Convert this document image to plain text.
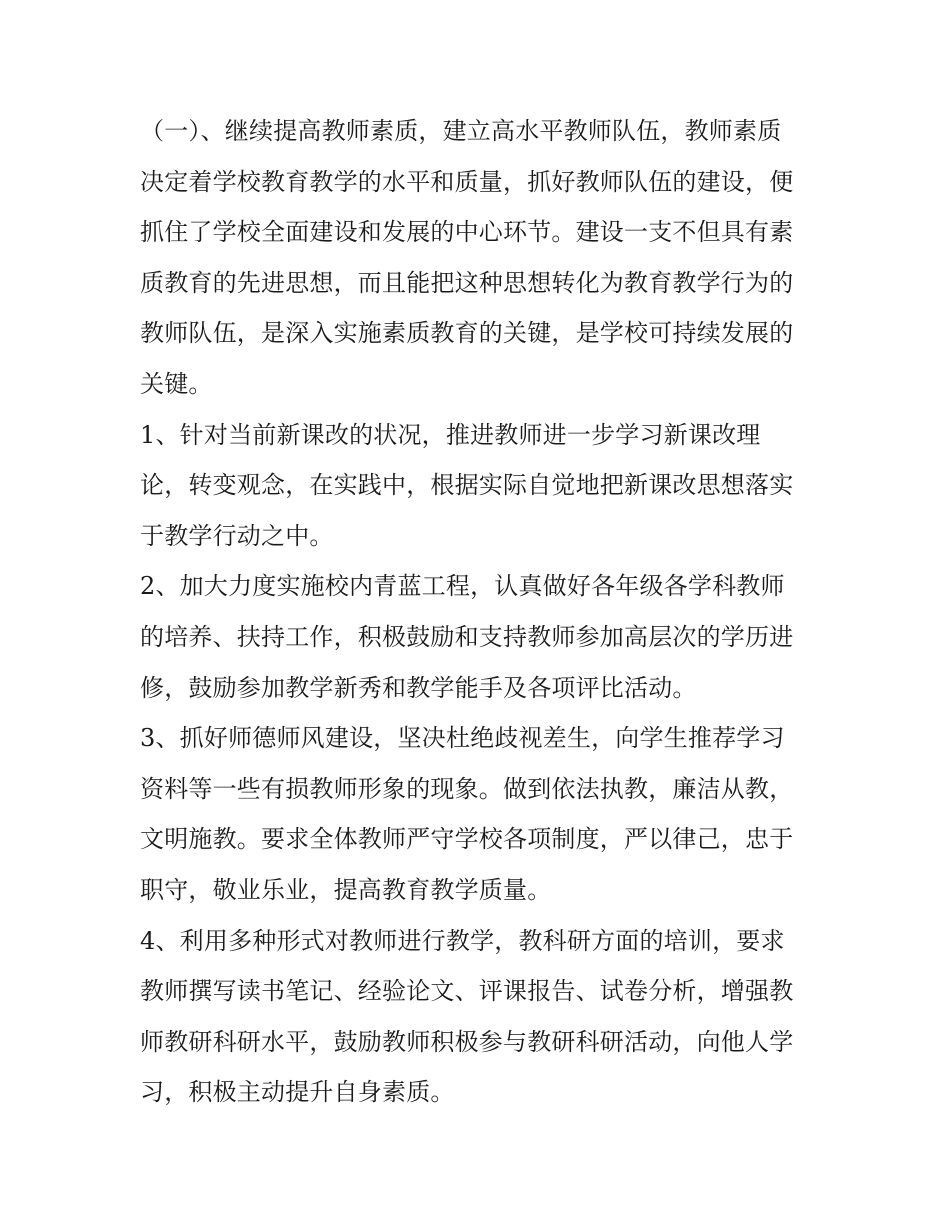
（一）、继续提高教师素质，建立高水平教师队伍，教师素质
决定着学校教育教学的水平和质量，抓好教师队伍的建设，便
抓住了学校全面建设和发展的中心环节。建设一支不但具有素
质教育的先进思想，而且能把这种思想转化为教育教学行为的
教师队伍，是深入实施素质教育的关键，是学校可持续发展的
关键。
1、针对当前新课改的状况，推进教师进一步学习新课改理
论，转变观念，在实践中，根据实际自觉地把新课改思想落实
于教学行动之中。
2、加大力度实施校内青蓝工程，认真做好各年级各学科教师
的培养、扶持工作，积极鼓励和支持教师参加高层次的学历进
修，鼓励参加教学新秀和教学能手及各项评比活动。
3、抓好师德师风建设，坚决杜绝歧视差生，向学生推荐学习
资料等一些有损教师形象的现象。做到依法执教，廉洁从教，
文明施教。要求全体教师严守学校各项制度，严以律己，忠于
职守，敬业乐业，提高教育教学质量。
4、利用多种形式对教师进行教学，教科研方面的培训，要求
教师撰写读书笔记、经验论文、评课报告、试卷分析，增强教
师教研科研水平，鼓励教师积极参与教研科研活动，向他人学
习，积极主动提升自身素质。
